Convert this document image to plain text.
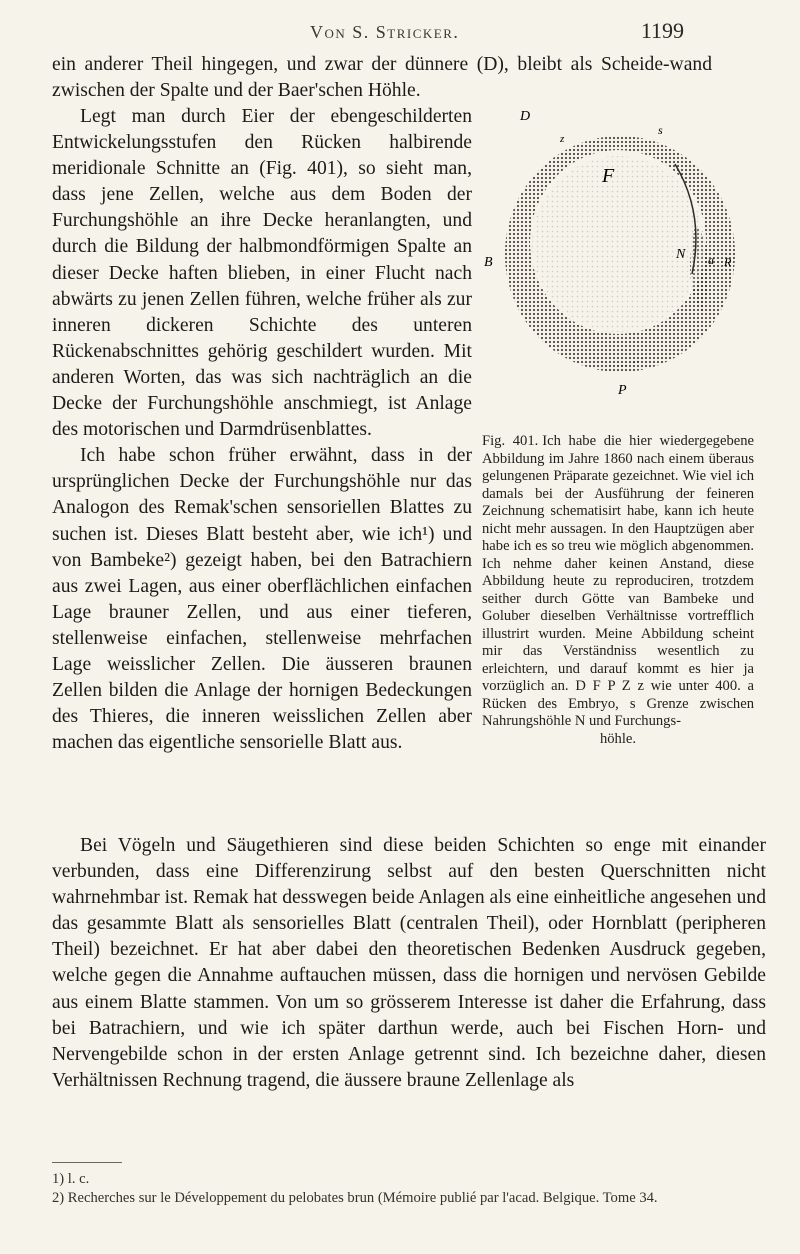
Von S. Stricker.	1199

ein anderer Theil hingegen, und zwar der dünnere (D), bleibt als Scheide-wand zwischen der Spalte und der Baer'schen Höhle.

Legt man durch Eier der ebengeschilderten Entwickelungsstufen den Rücken halbirende meridionale Schnitte an (Fig. 401), so sieht man, dass jene Zellen, welche aus dem Boden der Furchungshöhle an ihre Decke heranlangten, und durch die Bildung der halbmondförmigen Spalte an dieser Decke haften blieben, in einer Flucht nach abwärts zu jenen Zellen führen, welche früher als zur inneren dickeren Schichte des unteren Rückenabschnittes gehörig geschildert wurden. Mit anderen Worten, das was sich nachträglich an die Decke der Furchungshöhle anschmiegt, ist Anlage des motorischen und Darmdrüsenblattes.

Ich habe schon früher erwähnt, dass in der ursprünglichen Decke der Furchungshöhle nur das Analogon des Remak'schen sensoriellen Blattes zu suchen ist. Dieses Blatt besteht aber, wie ich¹) und von Bambeke²) gezeigt haben, bei den Batrachiern aus zwei Lagen, aus einer oberflächlichen einfachen Lage brauner Zellen, und aus einer tieferen, stellenweise einfachen, stellenweise mehrfachen Lage weisslicher Zellen. Die äusseren braunen Zellen bilden die Anlage der hornigen Bedeckungen des Thieres, die inneren weisslichen Zellen aber machen das eigentliche sensorielle Blatt aus.

D
B
F
N a R
P
s
z
Fig. 401. Ich habe die hier wiedergegebene Abbildung im Jahre 1860 nach einem überaus gelungenen Präparate gezeichnet. Wie viel ich damals bei der Ausführung der feineren Zeichnung schematisirt habe, kann ich heute nicht mehr aussagen. In den Hauptzügen aber habe ich es so treu wie möglich abgenommen. Ich nehme daher keinen Anstand, diese Abbildung heute zu reproduciren, trotzdem seither durch Götte van Bambeke und Goluber dieselben Verhältnisse vortrefflich illustrirt wurden. Meine Abbildung scheint mir das Verständniss wesentlich zu erleichtern, und darauf kommt es hier ja vorzüglich an. D F P Z z wie unter 400. a Rücken des Embryo, s Grenze zwischen Nahrungshöhle N und Furchungs-
höhle.

Bei Vögeln und Säugethieren sind diese beiden Schichten so enge mit einander verbunden, dass eine Differenzirung selbst auf den besten Querschnitten nicht wahrnehmbar ist. Remak hat desswegen beide Anlagen als eine einheitliche angesehen und das gesammte Blatt als sensorielles Blatt (centralen Theil), oder Hornblatt (peripheren Theil) bezeichnet. Er hat aber dabei den theoretischen Bedenken Ausdruck gegeben, welche gegen die Annahme auftauchen müssen, dass die hornigen und nervösen Gebilde aus einem Blatte stammen. Von um so grösserem Interesse ist daher die Erfahrung, dass bei Batrachiern, und wie ich später darthun werde, auch bei Fischen Horn- und Nervengebilde schon in der ersten Anlage getrennt sind. Ich bezeichne daher, diesen Verhältnissen Rechnung tragend, die äussere braune Zellenlage als

1) l. c.

2) Recherches sur le Développement du pelobates brun (Mémoire publié par l'acad. Belgique. Tome 34.
